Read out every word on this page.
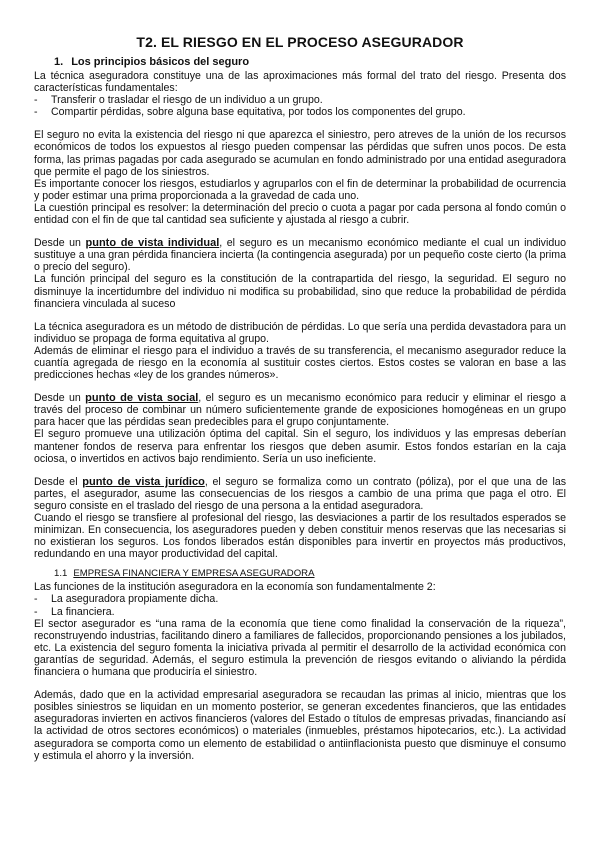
T2. EL RIESGO EN EL PROCESO ASEGURADOR
1. Los principios básicos del seguro

La técnica aseguradora constituye una de las aproximaciones más formal del trato del riesgo. Presenta dos características fundamentales:

- Transferir o trasladar el riesgo de un individuo a un grupo.
- Compartir pérdidas, sobre alguna base equitativa, por todos los componentes del grupo.

El seguro no evita la existencia del riesgo ni que aparezca el siniestro, pero atreves de la unión de los recursos económicos de todos los expuestos al riesgo pueden compensar las pérdidas que sufren unos pocos. De esta forma, las primas pagadas por cada asegurado se acumulan en fondo administrado por una entidad aseguradora que permite el pago de los siniestros.

Es importante conocer los riesgos, estudiarlos y agruparlos con el fin de determinar la probabilidad de ocurrencia y poder estimar una prima proporcionada a la gravedad de cada uno.

La cuestión principal es resolver: la determinación del precio o cuota a pagar por cada persona al fondo común o entidad con el fin de que tal cantidad sea suficiente y ajustada al riesgo a cubrir.

Desde un punto de vista individual, el seguro es un mecanismo económico mediante el cual un individuo sustituye a una gran pérdida financiera incierta (la contingencia asegurada) por un pequeño coste cierto (la prima o precio del seguro).

La función principal del seguro es la constitución de la contrapartida del riesgo, la seguridad. El seguro no disminuye la incertidumbre del individuo ni modifica su probabilidad, sino que reduce la probabilidad de pérdida financiera vinculada al suceso

La técnica aseguradora es un método de distribución de pérdidas. Lo que sería una perdida devastadora para un individuo se propaga de forma equitativa al grupo.

Además de eliminar el riesgo para el individuo a través de su transferencia, el mecanismo asegurador reduce la cuantía agregada de riesgo en la economía al sustituir costes ciertos. Estos costes se valoran en base a las predicciones hechas «ley de los grandes números».

Desde un punto de vista social, el seguro es un mecanismo económico para reducir y eliminar el riesgo a través del proceso de combinar un número suficientemente grande de exposiciones homogéneas en un grupo para hacer que las pérdidas sean predecibles para el grupo conjuntamente.

El seguro promueve una utilización óptima del capital. Sin el seguro, los individuos y las empresas deberían mantener fondos de reserva para enfrentar los riesgos que deben asumir. Estos fondos estarían en la caja ociosa, o invertidos en activos bajo rendimiento. Sería un uso ineficiente.

Desde el punto de vista jurídico, el seguro se formaliza como un contrato (póliza), por el que una de las partes, el asegurador, asume las consecuencias de los riesgos a cambio de una prima que paga el otro. El seguro consiste en el traslado del riesgo de una persona a la entidad aseguradora.

Cuando el riesgo se transfiere al profesional del riesgo, las desviaciones a partir de los resultados esperados se minimizan. En consecuencia, los aseguradores pueden y deben constituir menos reservas que las necesarias si no existieran los seguros. Los fondos liberados están disponibles para invertir en proyectos más productivos, redundando en una mayor productividad del capital.

1.1 EMPRESA FINANCIERA Y EMPRESA ASEGURADORA

Las funciones de la institución aseguradora en la economía son fundamentalmente 2:

- La aseguradora propiamente dicha.
- La financiera.

El sector asegurador es “una rama de la economía que tiene como finalidad la conservación de la riqueza”, reconstruyendo industrias, facilitando dinero a familiares de fallecidos, proporcionando pensiones a los jubilados, etc. La existencia del seguro fomenta la iniciativa privada al permitir el desarrollo de la actividad económica con garantías de seguridad. Además, el seguro estimula la prevención de riesgos evitando o aliviando la pérdida financiera o humana que produciría el siniestro.

Además, dado que en la actividad empresarial aseguradora se recaudan las primas al inicio, mientras que los posibles siniestros se liquidan en un momento posterior, se generan excedentes financieros, que las entidades aseguradoras invierten en activos financieros (valores del Estado o títulos de empresas privadas, financiando así la actividad de otros sectores económicos) o materiales (inmuebles, préstamos hipotecarios, etc.). La actividad aseguradora se comporta como un elemento de estabilidad o antiinflacionista puesto que disminuye el consumo y estimula el ahorro y la inversión.
